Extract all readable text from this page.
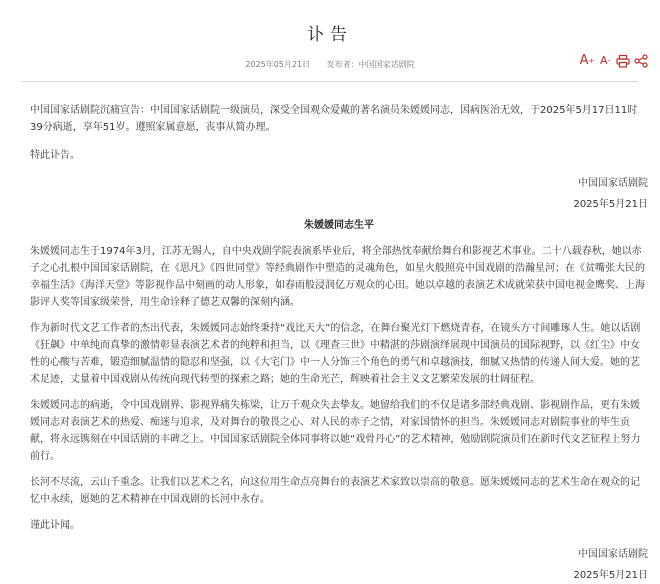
讣告
2025年05月21日 发布者：中国国家话剧院	A + A -

中国国家话剧院沉痛宣告：中国国家话剧院一级演员，深受全国观众爱戴的著名演员朱媛媛同志，因病医治无效，于2025年5月17日11时39分病逝，享年51岁。遵照家属意愿，丧事从简办理。

特此讣告。

中国国家话剧院

2025年5月21日

朱媛媛同志生平

朱媛媛同志生于1974年3月，江苏无锡人，自中央戏剧学院表演系毕业后，将全部热忱奉献给舞台和影视艺术事业。二十八载春秋，她以赤子之心扎根中国国家话剧院，在《思凡》《四世同堂》等经典剧作中塑造的灵魂角色，如星火般照亮中国戏剧的浩瀚星河；在《贫嘴张大民的幸福生活》《海洋天堂》等影视作品中刻画的动人形象，如春雨般浸润亿万观众的心田。她以卓越的表演艺术成就荣获中国电视金鹰奖、上海影评人奖等国家级荣誉，用生命诠释了德艺双馨的深刻内涵。

作为新时代文艺工作者的杰出代表，朱媛媛同志始终秉持“戏比天大”的信念，在舞台聚光灯下燃烧青春，在镜头方寸间雕琢人生。她以话剧《狂飙》中单纯而真挚的激情彰显表演艺术者的纯粹和担当，以《理查三世》中精湛的莎剧演绎展现中国演员的国际视野，以《红尘》中女性的心酸与苦难，锻造细腻温情的隐忍和坚强，以《大宅门》中一人分饰三个角色的勇气和卓越演技，细腻又热情的传递人间大爱。她的艺术足迹，丈量着中国戏剧从传统向现代转型的探索之路；她的生命光芒，辉映着社会主义文艺繁荣发展的壮阔征程。

朱媛媛同志的病逝，令中国戏剧界、影视界痛失栋梁，让万千观众失去挚友。她留给我们的不仅是诸多部经典戏剧、影视剧作品，更有朱媛媛同志对表演艺术的热爱、痴迷与追求，及对舞台的敬畏之心、对人民的赤子之情，对家国情怀的担当。朱媛媛同志对剧院事业的毕生贡献，将永远镌刻在中国话剧的丰碑之上。中国国家话剧院全体同事将以她“戏骨丹心”的艺术精神，勉励剧院演员们在新时代文艺征程上努力前行。

长河不尽流，云山千重念。让我们以艺术之名，向这位用生命点亮舞台的表演艺术家致以崇高的敬意。愿朱媛媛同志的艺术生命在观众的记忆中永续，愿她的艺术精神在中国戏剧的长河中永存。

谨此讣闻。

中国国家话剧院

2025年5月21日
